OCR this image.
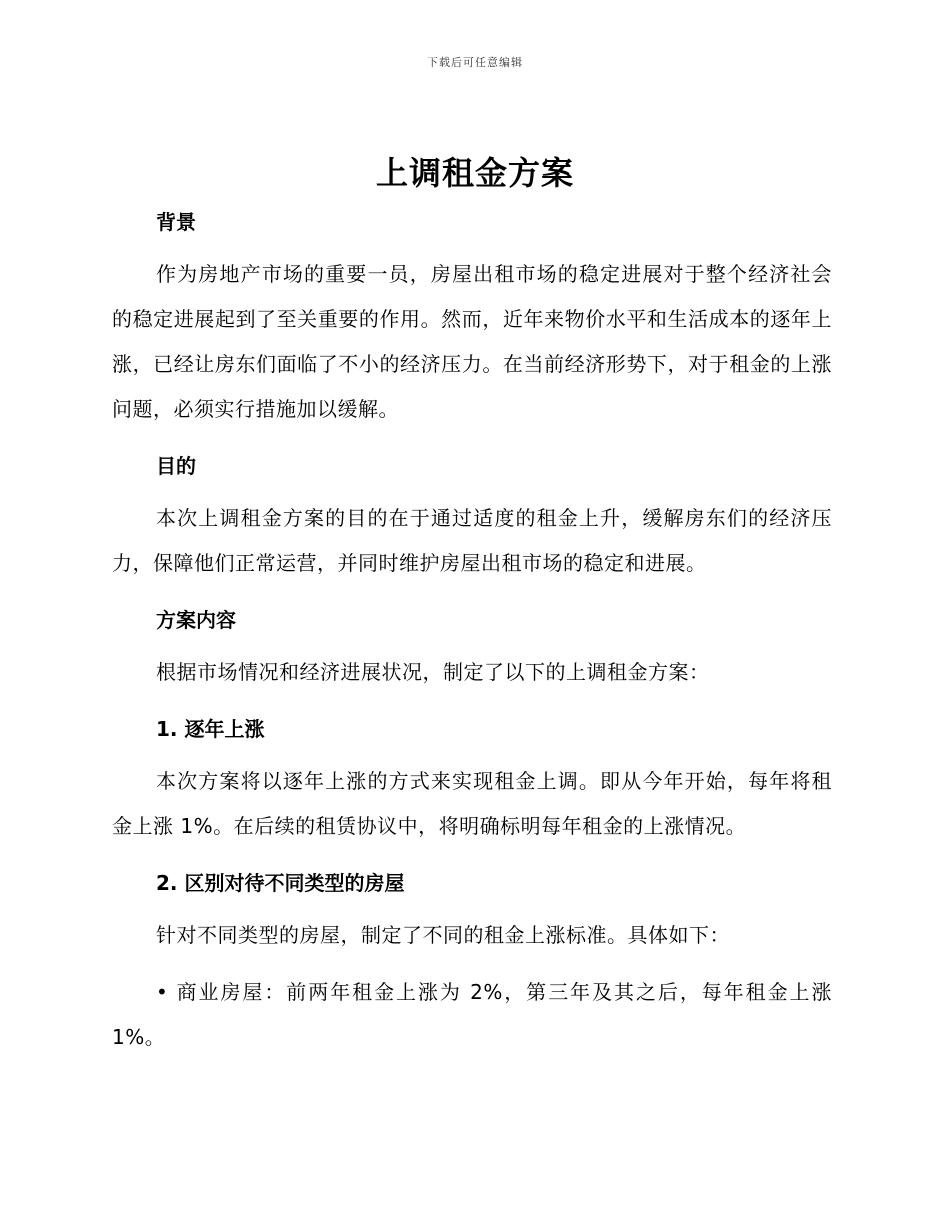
下载后可任意编辑
上调租金方案
背景

作为房地产市场的重要一员，房屋出租市场的稳定进展对于整个经济社会的稳定进展起到了至关重要的作用。然而，近年来物价水平和生活成本的逐年上涨，已经让房东们面临了不小的经济压力。在当前经济形势下，对于租金的上涨问题，必须实行措施加以缓解。

目的

本次上调租金方案的目的在于通过适度的租金上升，缓解房东们的经济压力，保障他们正常运营，并同时维护房屋出租市场的稳定和进展。

方案内容

根据市场情况和经济进展状况，制定了以下的上调租金方案：

1. 逐年上涨

本次方案将以逐年上涨的方式来实现租金上调。即从今年开始，每年将租金上涨 1%。在后续的租赁协议中，将明确标明每年租金的上涨情况。

2. 区别对待不同类型的房屋

针对不同类型的房屋，制定了不同的租金上涨标准。具体如下：

• 商业房屋：前两年租金上涨为 2%，第三年及其之后，每年租金上涨 1%。
